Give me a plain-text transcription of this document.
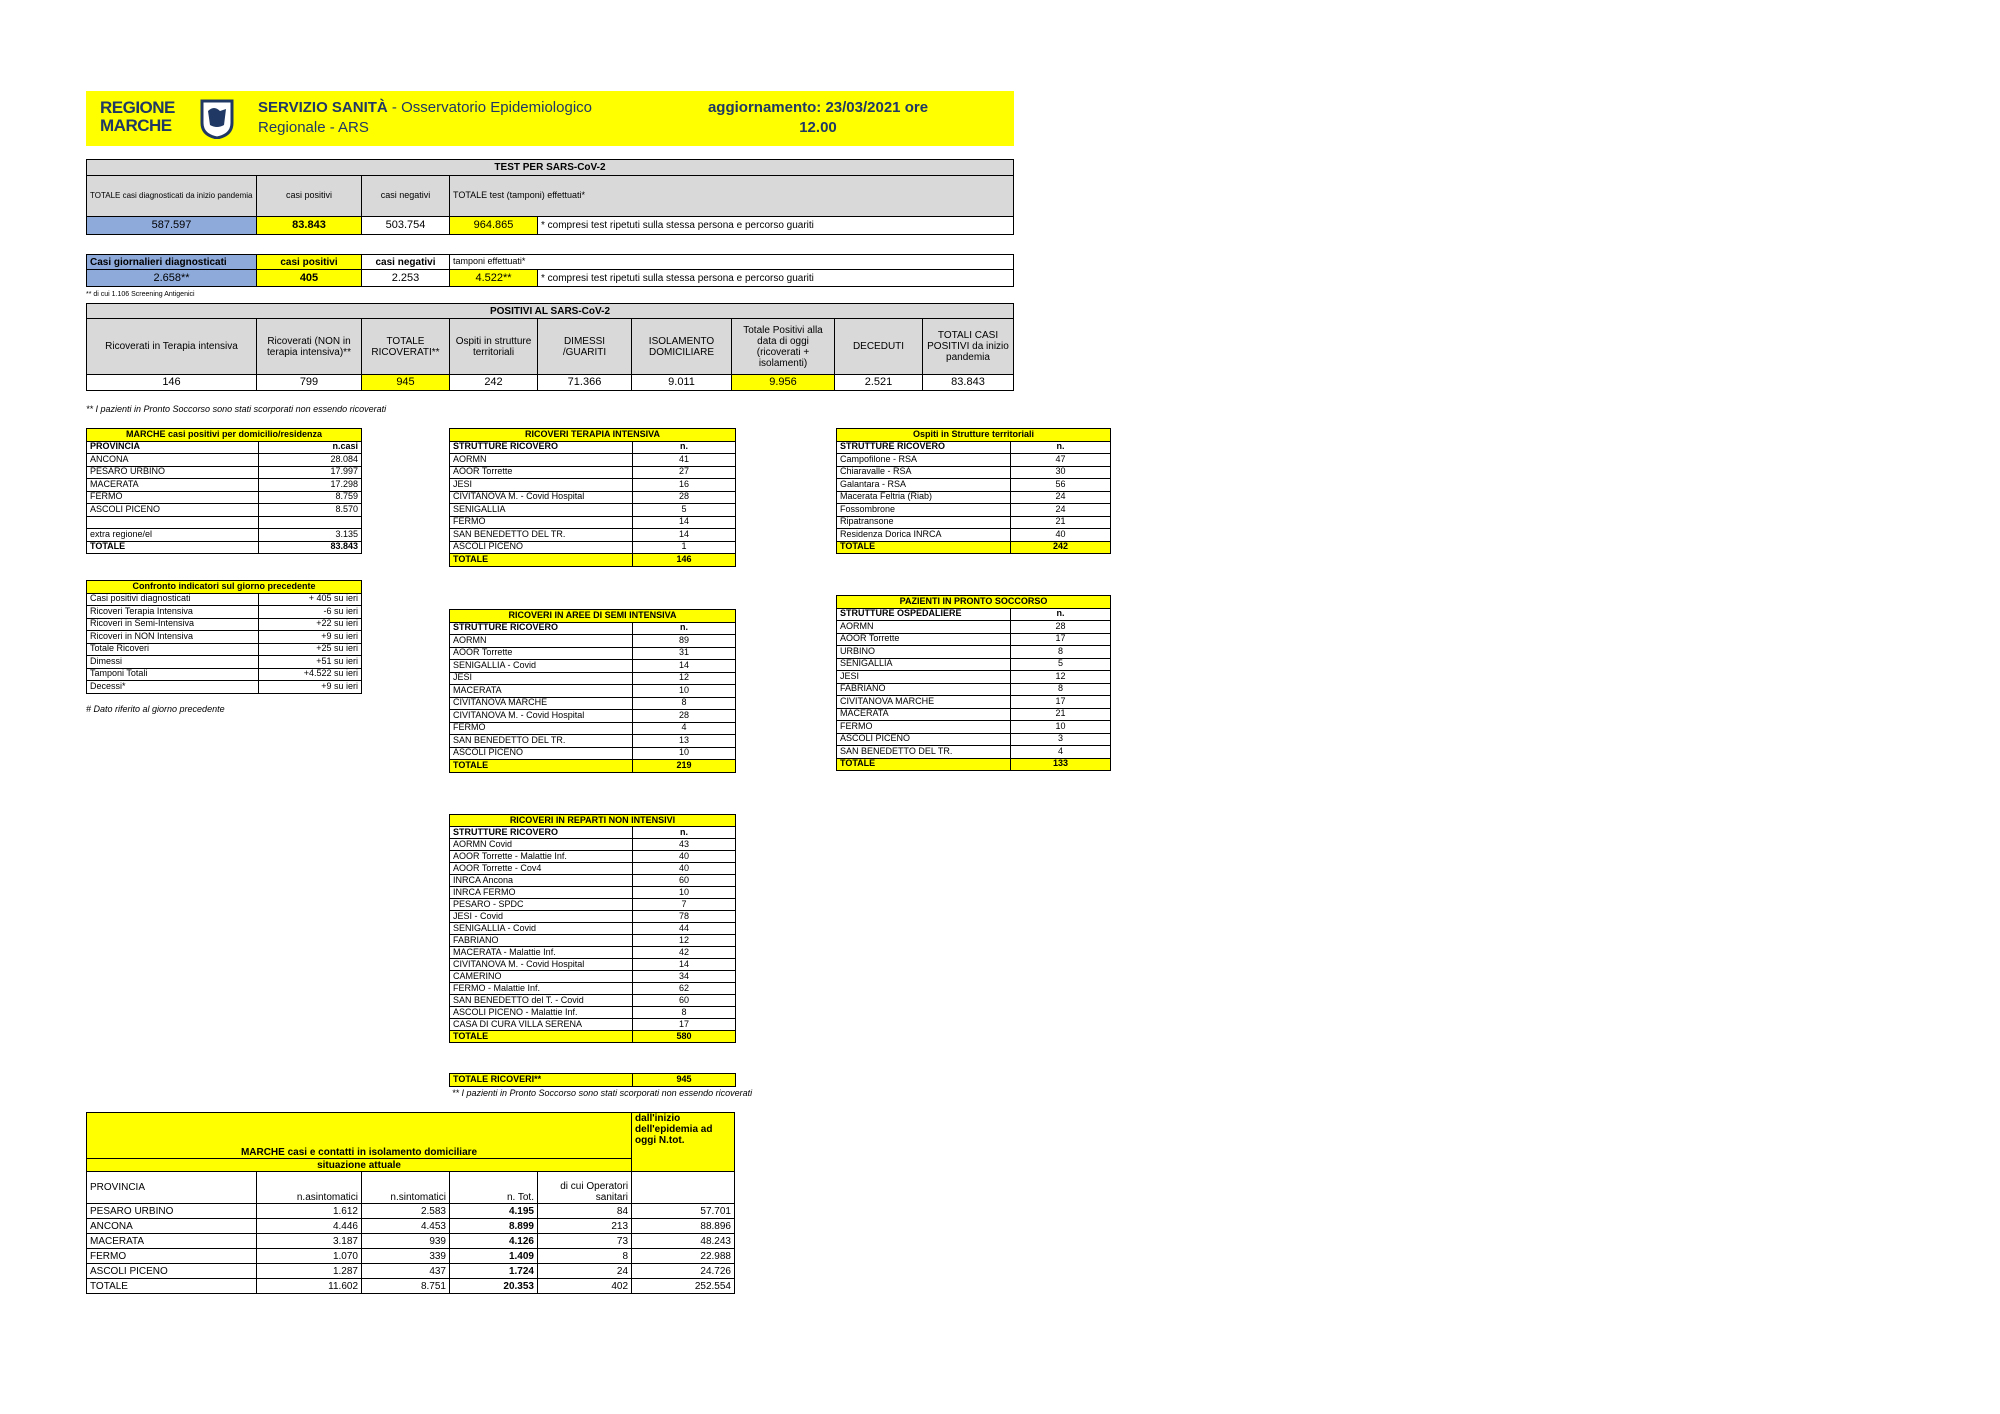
REGIONE
MARCHE
SERVIZIO SANITÀ - Osservatorio Epidemiologico
Regionale - ARS
aggiornamento: 23/03/2021 ore
12.00
TEST PER SARS-CoV-2				
TOTALE casi diagnosticati da inizio pandemia	casi positivi	casi negativi	TOTALE test (tamponi) effettuati*	
587.597	83.843	503.754	964.865	* compresi test ripetuti sulla stessa persona e percorso guariti
Casi giornalieri diagnosticati	casi positivi	casi negativi	tamponi effettuati*	
2.658**	405	2.253	4.522**	* compresi test ripetuti sulla stessa persona e percorso guariti
** di cui 1.106 Screening Antigenici
POSITIVI AL SARS-CoV-2								
Ricoverati in Terapia intensiva	Ricoverati (NON in terapia intensiva)**	TOTALE RICOVERATI**	Ospiti in strutture territoriali	DIMESSI /GUARITI	ISOLAMENTO DOMICILIARE	Totale Positivi alla data di oggi (ricoverati + isolamenti)	DECEDUTI	TOTALI CASI POSITIVI da inizio pandemia
146	799	945	242	71.366	9.011	9.956	2.521	83.843
** I pazienti in Pronto Soccorso sono stati scorporati non essendo ricoverati
MARCHE casi positivi per domicilio/residenza	
PROVINCIA	n.casi
ANCONA	28.084
PESARO URBINO	17.997
MACERATA	17.298
FERMO	8.759
ASCOLI PICENO	8.570

extra regione/el	3.135
TOTALE	83.843
Confronto indicatori sul giorno precedente	
Casi positivi diagnosticati	+ 405 su ieri
Ricoveri Terapia Intensiva	-6 su ieri
Ricoveri in Semi-Intensiva	+22 su ieri
Ricoveri in NON Intensiva	+9 su ieri
Totale Ricoveri	+25 su ieri
Dimessi	+51 su ieri
Tamponi Totali	+4.522 su ieri
Decessi*	+9 su ieri
# Dato riferito al giorno precedente
RICOVERI TERAPIA INTENSIVA	
STRUTTURE RICOVERO	n.
AORMN	41
AOOR Torrette	27
JESI	16
CIVITANOVA M. - Covid Hospital	28
SENIGALLIA	5
FERMO	14
SAN BENEDETTO DEL TR.	14
ASCOLI PICENO	1
TOTALE	146
RICOVERI IN AREE DI SEMI INTENSIVA	
STRUTTURE RICOVERO	n.
AORMN	89
AOOR Torrette	31
SENIGALLIA - Covid	14
JESI	12
MACERATA	10
CIVITANOVA MARCHE	8
CIVITANOVA M. - Covid Hospital	28
FERMO	4
SAN BENEDETTO DEL TR.	13
ASCOLI PICENO	10
TOTALE	219
RICOVERI IN REPARTI NON INTENSIVI	
STRUTTURE RICOVERO	n.
AORMN Covid	43
AOOR Torrette - Malattie Inf.	40
AOOR Torrette - Cov4	40
INRCA Ancona	60
INRCA FERMO	10
PESARO - SPDC	7
JESI - Covid	78
SENIGALLIA - Covid	44
FABRIANO	12
MACERATA - Malattie Inf.	42
CIVITANOVA M. - Covid Hospital	14
CAMERINO	34
FERMO - Malattie Inf.	62
SAN BENEDETTO del T. - Covid	60
ASCOLI PICENO - Malattie Inf.	8
CASA DI CURA VILLA SERENA	17
TOTALE	580
TOTALE RICOVERI**	945
** I pazienti in Pronto Soccorso sono stati scorporati non essendo ricoverati
Ospiti in Strutture territoriali	
STRUTTURE RICOVERO	n.
Campofilone - RSA	47
Chiaravalle - RSA	30
Galantara - RSA	56
Macerata Feltria (Riab)	24
Fossombrone	24
Ripatransone	21
Residenza Dorica INRCA	40
TOTALE	242
PAZIENTI IN PRONTO SOCCORSO	
STRUTTURE OSPEDALIERE	n.
AORMN	28
AOOR Torrette	17
URBINO	8
SENIGALLIA	5
JESI	12
FABRIANO	8
CIVITANOVA MARCHE	17
MACERATA	21
FERMO	10
ASCOLI PICENO	3
SAN BENEDETTO DEL TR.	4
TOTALE	133
MARCHE casi e contatti in isolamento domiciliare					dall'inizio dell'epidemia ad oggi N.tot.
situazione attuale					
PROVINCIA	n.asintomatici	n.sintomatici	n. Tot.	di cui Operatori sanitari	
PESARO URBINO	1.612	2.583	4.195	84	57.701
ANCONA	4.446	4.453	8.899	213	88.896
MACERATA	3.187	939	4.126	73	48.243
FERMO	1.070	339	1.409	8	22.988
ASCOLI PICENO	1.287	437	1.724	24	24.726
TOTALE	11.602	8.751	20.353	402	252.554
